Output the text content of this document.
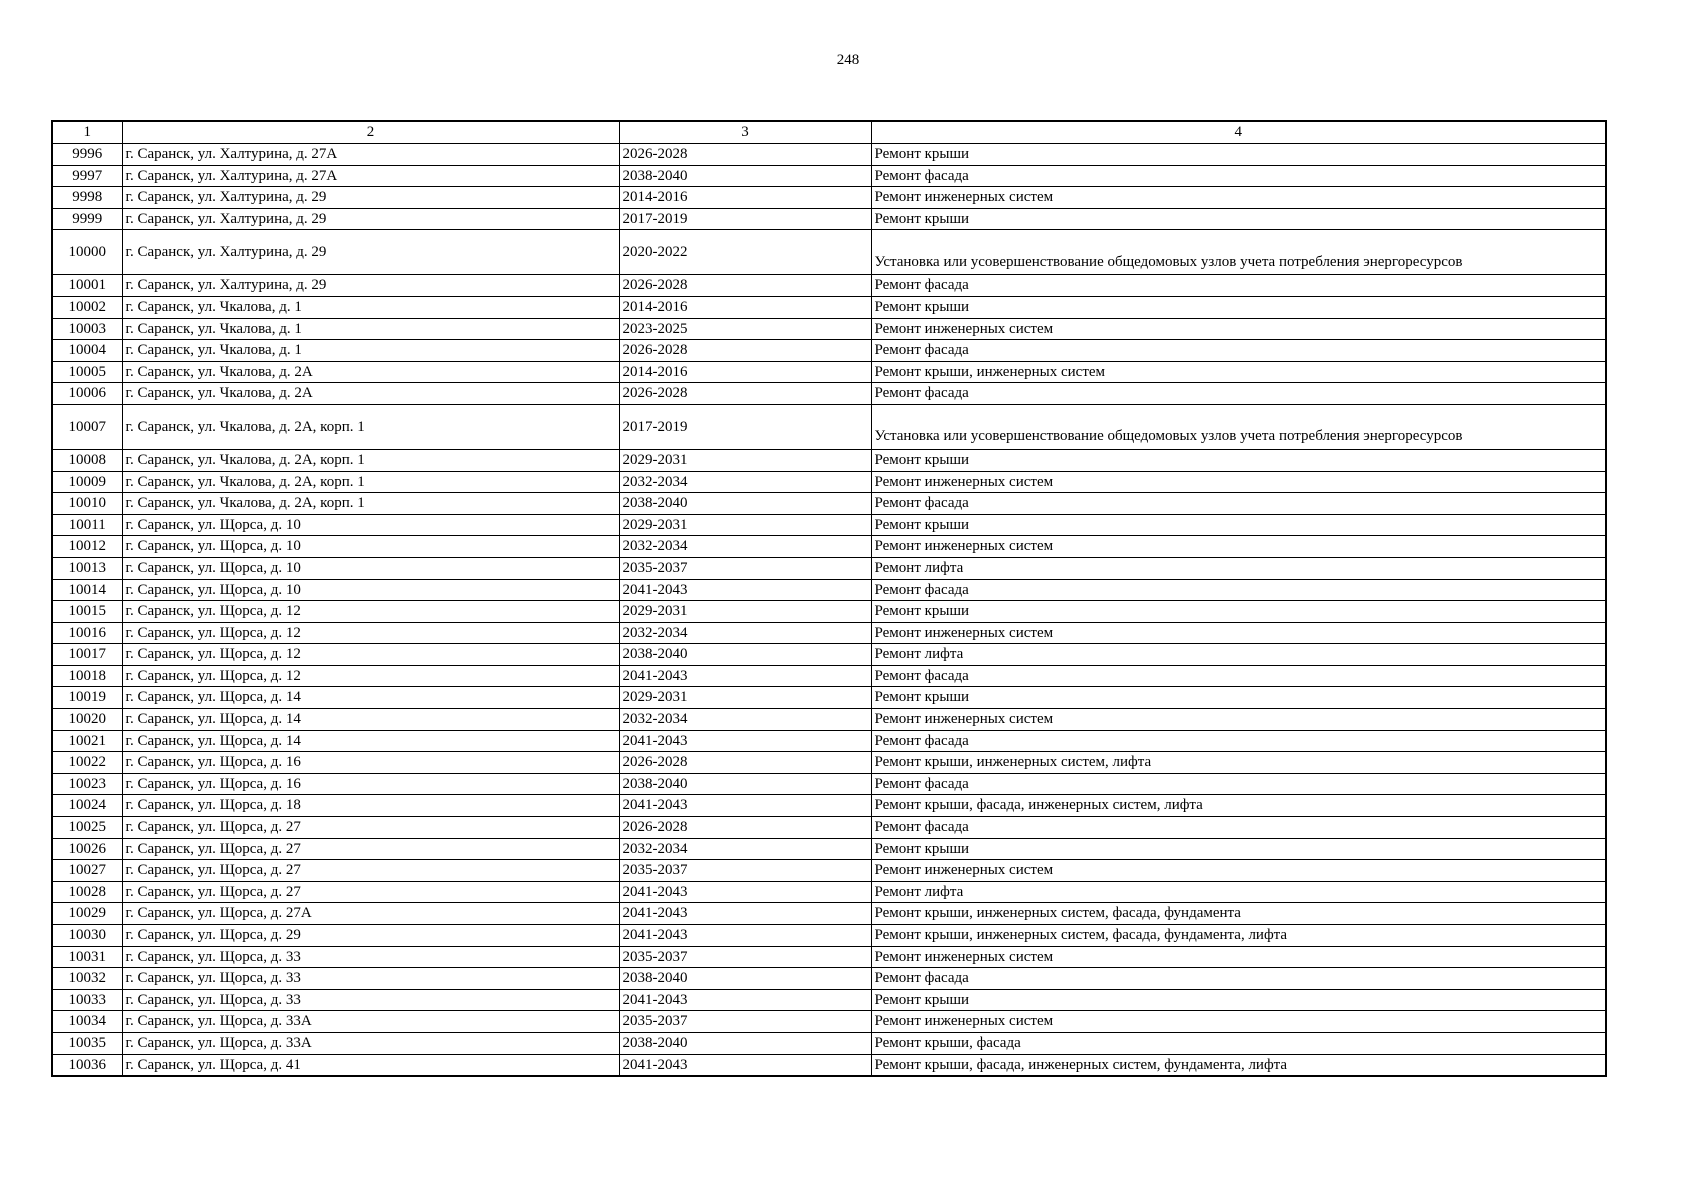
248
1	2	3	4
9996	г. Саранск, ул. Халтурина, д. 27А	2026-2028	Ремонт крыши
9997	г. Саранск, ул. Халтурина, д. 27А	2038-2040	Ремонт фасада
9998	г. Саранск, ул. Халтурина, д. 29	2014-2016	Ремонт инженерных систем
9999	г. Саранск, ул. Халтурина, д. 29	2017-2019	Ремонт крыши
10000	г. Саранск, ул. Халтурина, д. 29	2020-2022	Установка или усовершенствование общедомовых узлов учета потребления энергоресурсов
10001	г. Саранск, ул. Халтурина, д. 29	2026-2028	Ремонт фасада
10002	г. Саранск, ул. Чкалова, д. 1	2014-2016	Ремонт крыши
10003	г. Саранск, ул. Чкалова, д. 1	2023-2025	Ремонт инженерных систем
10004	г. Саранск, ул. Чкалова, д. 1	2026-2028	Ремонт фасада
10005	г. Саранск, ул. Чкалова, д. 2А	2014-2016	Ремонт крыши, инженерных систем
10006	г. Саранск, ул. Чкалова, д. 2А	2026-2028	Ремонт фасада
10007	г. Саранск, ул. Чкалова, д. 2А, корп. 1	2017-2019	Установка или усовершенствование общедомовых узлов учета потребления энергоресурсов
10008	г. Саранск, ул. Чкалова, д. 2А, корп. 1	2029-2031	Ремонт крыши
10009	г. Саранск, ул. Чкалова, д. 2А, корп. 1	2032-2034	Ремонт инженерных систем
10010	г. Саранск, ул. Чкалова, д. 2А, корп. 1	2038-2040	Ремонт фасада
10011	г. Саранск, ул. Щорса, д. 10	2029-2031	Ремонт крыши
10012	г. Саранск, ул. Щорса, д. 10	2032-2034	Ремонт инженерных систем
10013	г. Саранск, ул. Щорса, д. 10	2035-2037	Ремонт лифта
10014	г. Саранск, ул. Щорса, д. 10	2041-2043	Ремонт фасада
10015	г. Саранск, ул. Щорса, д. 12	2029-2031	Ремонт крыши
10016	г. Саранск, ул. Щорса, д. 12	2032-2034	Ремонт инженерных систем
10017	г. Саранск, ул. Щорса, д. 12	2038-2040	Ремонт лифта
10018	г. Саранск, ул. Щорса, д. 12	2041-2043	Ремонт фасада
10019	г. Саранск, ул. Щорса, д. 14	2029-2031	Ремонт крыши
10020	г. Саранск, ул. Щорса, д. 14	2032-2034	Ремонт инженерных систем
10021	г. Саранск, ул. Щорса, д. 14	2041-2043	Ремонт фасада
10022	г. Саранск, ул. Щорса, д. 16	2026-2028	Ремонт крыши, инженерных систем, лифта
10023	г. Саранск, ул. Щорса, д. 16	2038-2040	Ремонт фасада
10024	г. Саранск, ул. Щорса, д. 18	2041-2043	Ремонт крыши, фасада, инженерных систем, лифта
10025	г. Саранск, ул. Щорса, д. 27	2026-2028	Ремонт фасада
10026	г. Саранск, ул. Щорса, д. 27	2032-2034	Ремонт крыши
10027	г. Саранск, ул. Щорса, д. 27	2035-2037	Ремонт инженерных систем
10028	г. Саранск, ул. Щорса, д. 27	2041-2043	Ремонт лифта
10029	г. Саранск, ул. Щорса, д. 27А	2041-2043	Ремонт крыши, инженерных систем, фасада, фундамента
10030	г. Саранск, ул. Щорса, д. 29	2041-2043	Ремонт крыши, инженерных систем, фасада, фундамента, лифта
10031	г. Саранск, ул. Щорса, д. 33	2035-2037	Ремонт инженерных систем
10032	г. Саранск, ул. Щорса, д. 33	2038-2040	Ремонт фасада
10033	г. Саранск, ул. Щорса, д. 33	2041-2043	Ремонт крыши
10034	г. Саранск, ул. Щорса, д. 33А	2035-2037	Ремонт инженерных систем
10035	г. Саранск, ул. Щорса, д. 33А	2038-2040	Ремонт крыши, фасада
10036	г. Саранск, ул. Щорса, д. 41	2041-2043	Ремонт крыши, фасада, инженерных систем, фундамента, лифта
